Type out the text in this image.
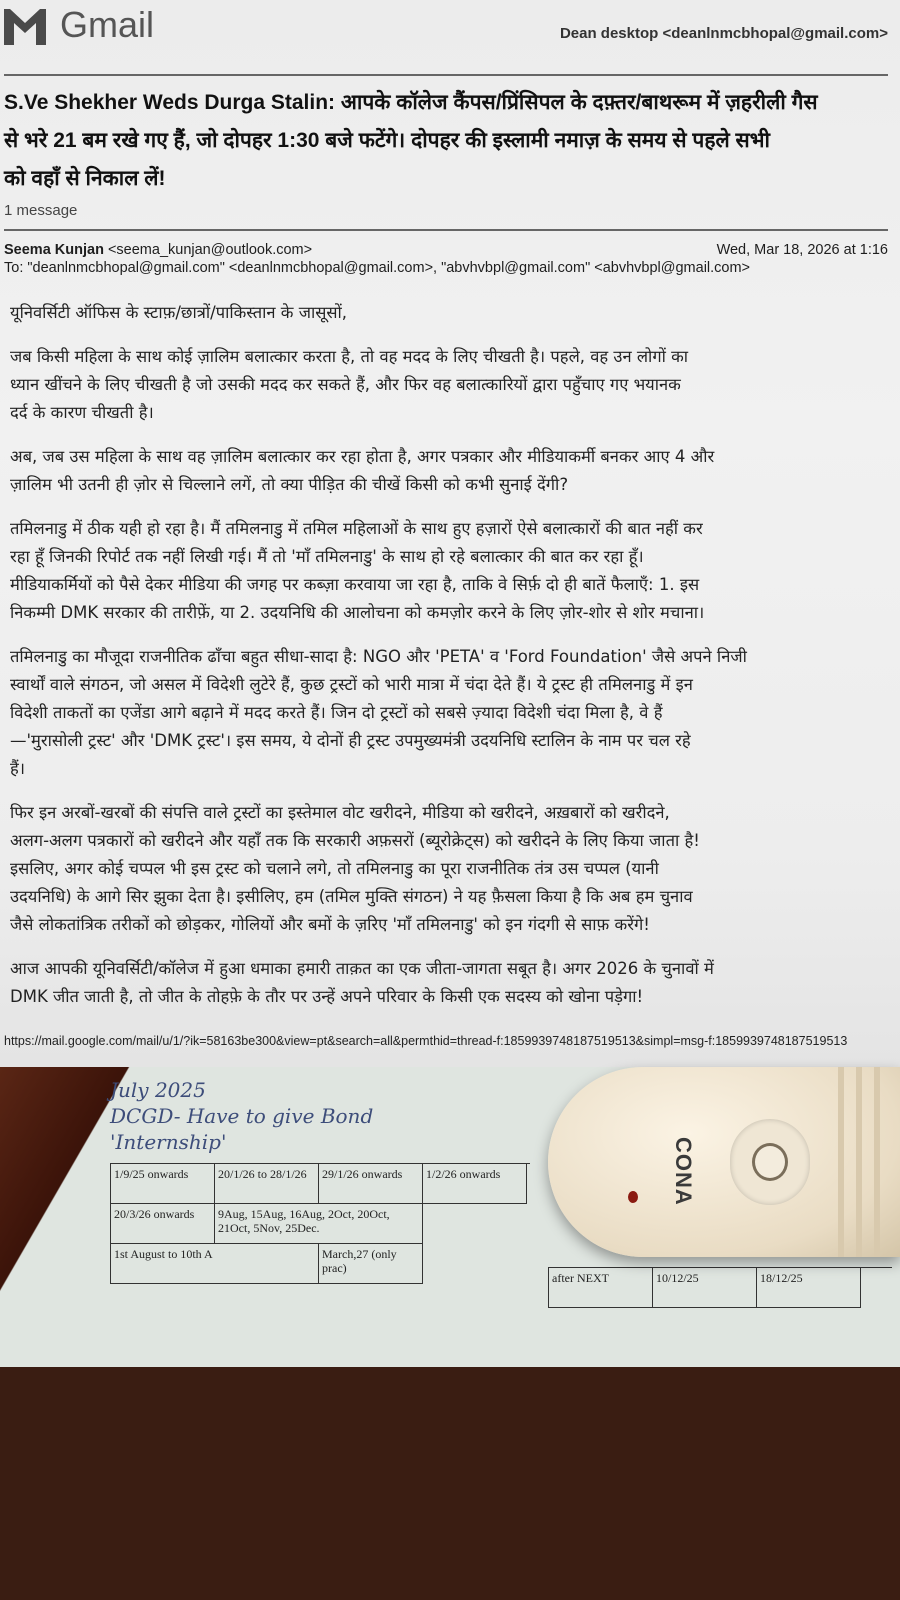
Gmail	Dean desktop <deanlnmcbhopal@gmail.com>
S.Ve Shekher Weds Durga Stalin: आपके कॉलेज कैंपस/प्रिंसिपल के दफ़्तर/बाथरूम में ज़हरीली गैस
से भरे 21 बम रखे गए हैं, जो दोपहर 1:30 बजे फटेंगे। दोपहर की इस्लामी नमाज़ के समय से पहले सभी
को वहाँ से निकाल लें!
1 message
Seema Kunjan <seema_kunjan@outlook.com>	Wed, Mar 18, 2026 at 1:16
To: "deanlnmcbhopal@gmail.com" <deanlnmcbhopal@gmail.com>, "abvhvbpl@gmail.com" <abvhvbpl@gmail.com>
यूनिवर्सिटी ऑफिस के स्टाफ़/छात्रों/पाकिस्तान के जासूसों,
जब किसी महिला के साथ कोई ज़ालिम बलात्कार करता है, तो वह मदद के लिए चीखती है। पहले, वह उन लोगों का
ध्यान खींचने के लिए चीखती है जो उसकी मदद कर सकते हैं, और फिर वह बलात्कारियों द्वारा पहुँचाए गए भयानक
दर्द के कारण चीखती है।
अब, जब उस महिला के साथ वह ज़ालिम बलात्कार कर रहा होता है, अगर पत्रकार और मीडियाकर्मी बनकर आए 4 और
ज़ालिम भी उतनी ही ज़ोर से चिल्लाने लगें, तो क्या पीड़ित की चीखें किसी को कभी सुनाई देंगी?
तमिलनाडु में ठीक यही हो रहा है। मैं तमिलनाडु में तमिल महिलाओं के साथ हुए हज़ारों ऐसे बलात्कारों की बात नहीं कर
रहा हूँ जिनकी रिपोर्ट तक नहीं लिखी गई। मैं तो 'माँ तमिलनाडु' के साथ हो रहे बलात्कार की बात कर रहा हूँ।
मीडियाकर्मियों को पैसे देकर मीडिया की जगह पर कब्ज़ा करवाया जा रहा है, ताकि वे सिर्फ़ दो ही बातें फैलाएँ: 1. इस
निकम्मी DMK सरकार की तारीफ़ें, या 2. उदयनिधि की आलोचना को कमज़ोर करने के लिए ज़ोर-शोर से शोर मचाना।
तमिलनाडु का मौजूदा राजनीतिक ढाँचा बहुत सीधा-सादा है: NGO और 'PETA' व 'Ford Foundation' जैसे अपने निजी
स्वार्थों वाले संगठन, जो असल में विदेशी लुटेरे हैं, कुछ ट्रस्टों को भारी मात्रा में चंदा देते हैं। ये ट्रस्ट ही तमिलनाडु में इन
विदेशी ताकतों का एजेंडा आगे बढ़ाने में मदद करते हैं। जिन दो ट्रस्टों को सबसे ज़्यादा विदेशी चंदा मिला है, वे हैं
—'मुरासोली ट्रस्ट' और 'DMK ट्रस्ट'। इस समय, ये दोनों ही ट्रस्ट उपमुख्यमंत्री उदयनिधि स्टालिन के नाम पर चल रहे
हैं।
फिर इन अरबों-खरबों की संपत्ति वाले ट्रस्टों का इस्तेमाल वोट खरीदने, मीडिया को खरीदने, अख़बारों को खरीदने,
अलग-अलग पत्रकारों को खरीदने और यहाँ तक कि सरकारी अफ़सरों (ब्यूरोक्रेट्स) को खरीदने के लिए किया जाता है!
इसलिए, अगर कोई चप्पल भी इस ट्रस्ट को चलाने लगे, तो तमिलनाडु का पूरा राजनीतिक तंत्र उस चप्पल (यानी
उदयनिधि) के आगे सिर झुका देता है। इसीलिए, हम (तमिल मुक्ति संगठन) ने यह फ़ैसला किया है कि अब हम चुनाव
जैसे लोकतांत्रिक तरीकों को छोड़कर, गोलियों और बमों के ज़रिए 'माँ तमिलनाडु' को इन गंदगी से साफ़ करेंगे!
आज आपकी यूनिवर्सिटी/कॉलेज में हुआ धमाका हमारी ताक़त का एक जीता-जागता सबूत है। अगर 2026 के चुनावों में
DMK जीत जाती है, तो जीत के तोहफ़े के तौर पर उन्हें अपने परिवार के किसी एक सदस्य को खोना पड़ेगा!
https://mail.google.com/mail/u/1/?ik=58163be300&view=pt&search=all&permthid=thread-f:1859939748187519513&simpl=msg-f:1859939748187519513
July 2025
DCGD- Have to give Bond
'Internship'
1/9/25 onwards	20/1/26 to 28/1/26	29/1/26 onwards	1/2/26 onwards
20/3/26 onwards	9Aug, 15Aug, 16Aug, 2Oct, 20Oct, 21Oct, 5Nov, 25Dec.
1st August to 10th A	March,27 (only prac)
CONA
after NEXT	10/12/25	18/12/25
